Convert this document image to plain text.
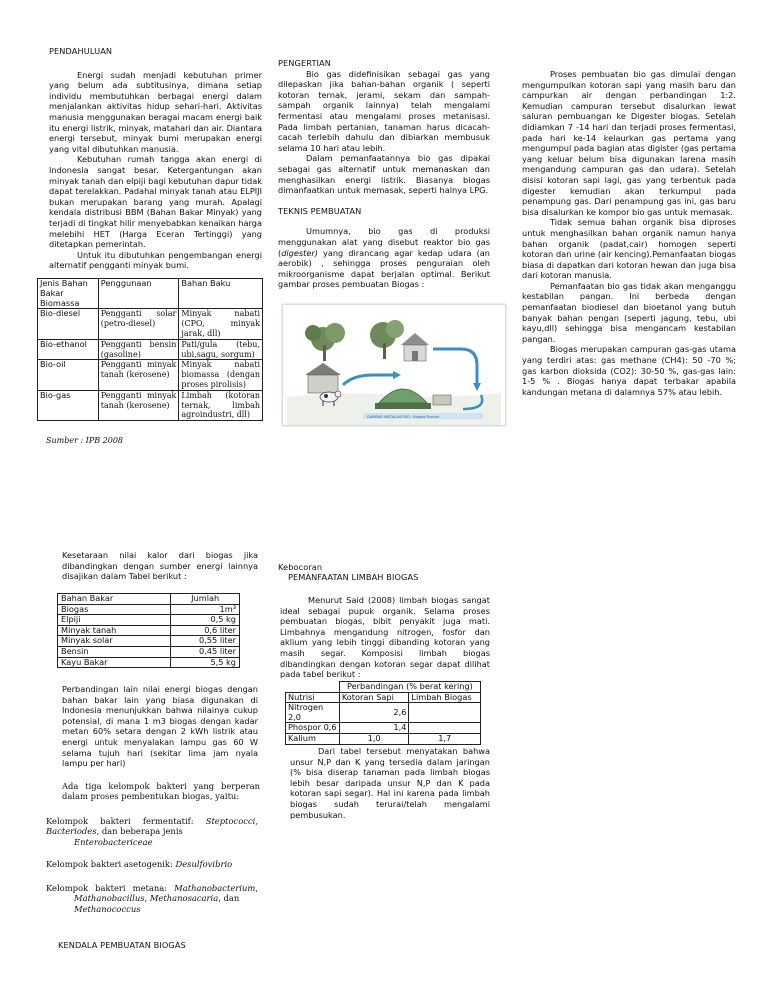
PENDAHULUAN

Energi sudah menjadi kebutuhan primer yang belum ada subtitusinya, dimana setiap individu membutuhkan berbagai energi dalam menjalankan aktivitas hidup sehari-hari. Aktivitas manusia menggunakan beragai macam energi baik itu energi listrik, minyak, matahari dan air. Diantara energi tersebut, minyak bumi merupakan energi yang vital dibutuhkan manusia.

Kebutuhan rumah tangga akan energi di Indonesia sangat besar. Ketergantungan akan minyak tanah dan elpiji bagi kebutuhan dapur tidak dapat terelakkan. Padahal minyak tanah atau ELPIJI bukan merupakan barang yang murah. Apalagi kendala distribusi BBM (Bahan Bakar Minyak) yang terjadi di tingkat hilir menyebabkan kenaikan harga melebihi HET (Harga Eceran Tertinggi) yang ditetapkan pemerintah.

Untuk itu dibutuhkan pengembangan energi alternatif pengganti minyak bumi.

Jenis Bahan Bakar Biomassa	Penggunaan	Bahan Baku
Bio-diesel	Pengganti solar (petro-diesel)	Minyak nabati (CPO, minyak jarak, dll)
Bio-ethanol	Pengganti bensin (gasoline)	Pati/gula (tebu, ubi,sagu, sorgum)
Bio-oil	Pengganti minyak tanah (kerosene)	Minyak nabati biomassa (dengan proses pirolisis)
Bio-gas	Pengganti minyak tanah (kerosene)	Limbah (kotoran ternak, limbah agroindustri, dll)
Sumber : IPB 2008
PENGERTIAN

Bio gas didefinisikan sebagai gas yang dilepaskan jika bahan-bahan organik ( seperti kotoran ternak, jerami, sekam dan sampah-sampah organik lainnya) telah mengalami fermentasi atau mengalami proses metanisasi. Pada limbah pertanian, tanaman harus dicacah-cacah terlebih dahulu dan dibiarkan membusuk selama 10 hari atau lebih.

Dalam pemanfaatannya bio gas dipakai sebagai gas alternatif untuk memanaskan dan menghasilkan energi listrik. Biasanya biogas dimanfaatkan untuk memasak, seperti halnya LPG.

TEKNIS PEMBUATAN

Umumnya, bio gas di produksi menggunakan alat yang disebut reaktor bio gas (digester) yang dirancang agar kedap udara (an aerobik) , sehingga proses penguraian oleh mikroorganisme dapat berjalan optimal. Berikut gambar proses pembuatan Biogas :

GAMBAR INSTALASI BIO - Biogas Rumah

Proses pembuatan bio gas dimulai dengan mengumpulkan kotoran sapi yang masih baru dan campurkan air dengan perbandingan 1:2. Kemudian campuran tersebut disalurkan lewat saluran pembuangan ke Digester biogas. Setelah didiamkan 7 -14 hari dan terjadi proses fermentasi, pada hari ke-14 kelaurkan gas pertama yang mengumpul pada bagian atas digister (gas pertama yang keluar belum bisa digunakan larena masih mengandung campuran gas dan udara). Setelah disisi kotoran sapi lagi, gas yang terbentuk pada digester kemudian akan terkumpul pada penampung gas. Dari penampung gas ini, gas baru bisa disalurkan ke kompor bio gas untuk memasak.

Tidak semua bahan organik bisa diproses untuk menghasilkan bahan organik namun hanya bahan organik (padat,cair) homogen seperti kotoran dan urine (air kencing).Pemanfaatan biogas biasa di dapatkan dari kotoran hewan dan juga bisa dari kotoran manusia.

Pemanfaatan bio gas tidak akan menganggu kestabilan pangan. Ini berbeda dengan pemanfaatan biodiesel dan bioetanol yang butuh banyak bahan pengan (seperti jagung, tebu, ubi kayu,dll) sehingga bisa mengancam kestabilan pangan.

Biogas merupakan campuran gas-gas utama yang terdiri atas: gas methane (CH4): 50 -70 %; gas karbon dioksida (CO2): 30-50 %, gas-gas lain: 1-5 % . Biogas hanya dapat terbakar apabila kandungan metana di dalamnya 57% atau lebih.

Kesetaraan nilai kalor dari biogas jika dibandingkan dengan sumber energi lainnya disajikan dalam Tabel berikut :

Bahan Bakar	Jumlah
Biogas	1m³
Elpiji	0,5 kg
Minyak tanah	0,6 liter
Minyak solar	0,55 liter
Bensin	0,45 liter
Kayu Bakar	5,5 kg

Perbandingan lain nilai energi biogas dengan bahan bakar lain yang biasa digunakan di Indonesia menunjukkan bahwa nilainya cukup potensial, di mana 1 m3 biogas dengan kadar metan 60% setara dengan 2 kWh listrik atau energi untuk menyalakan lampu gas 60 W selama tujuh hari (sekitar lima jam nyala lampu per hari)

Ada tiga kelompok bakteri yang berperan dalam proses pembentukan biogas, yaitu:
Kelompok bakteri fermentatif: Steptococci, Bacteriodes, dan beberapa jenis
Enterobactericeae
Kelompok bakteri asetogenik: Desulfovibrio
Kelompok bakteri metana: Mathanobacterium, Mathanobacillus, Methanosacaria, dan
Methanococcus
KENDALA PEMBUATAN BIOGAS
Kebocoran
PEMANFAATAN LIMBAH BIOGAS

Menurut Said (2008) limbah biogas sangat ideal sebagai pupuk organik. Selama proses pembuatan biogas, bibit penyakit juga mati. Limbahnya mengandung nitrogen, fosfor dan aklium yang lebih tinggi dibanding kotoran yang masih segar. Komposisi limbah biogas dibandingkan dengan kotoran segar dapat dilihat pada tabel berikut :

	Perbandingan (% berat kering)	
Nutrisi	Kotoran Sapi	Limbah Biogas
Nitrogen 2,0	2,6	
Phospor 0,6	1,4	
Kalium	1,0	1,7

Dari tabel tersebut menyatakan bahwa unsur N,P dan K yang tersedia dalam jaringan (% bisa diserap tanaman pada limbah biogas lebih besar daripada unsur N,P dan K pada kotoran sapi segar). Hal ini karena pada limbah biogas sudah terurai/telah mengalami pembusukan.
